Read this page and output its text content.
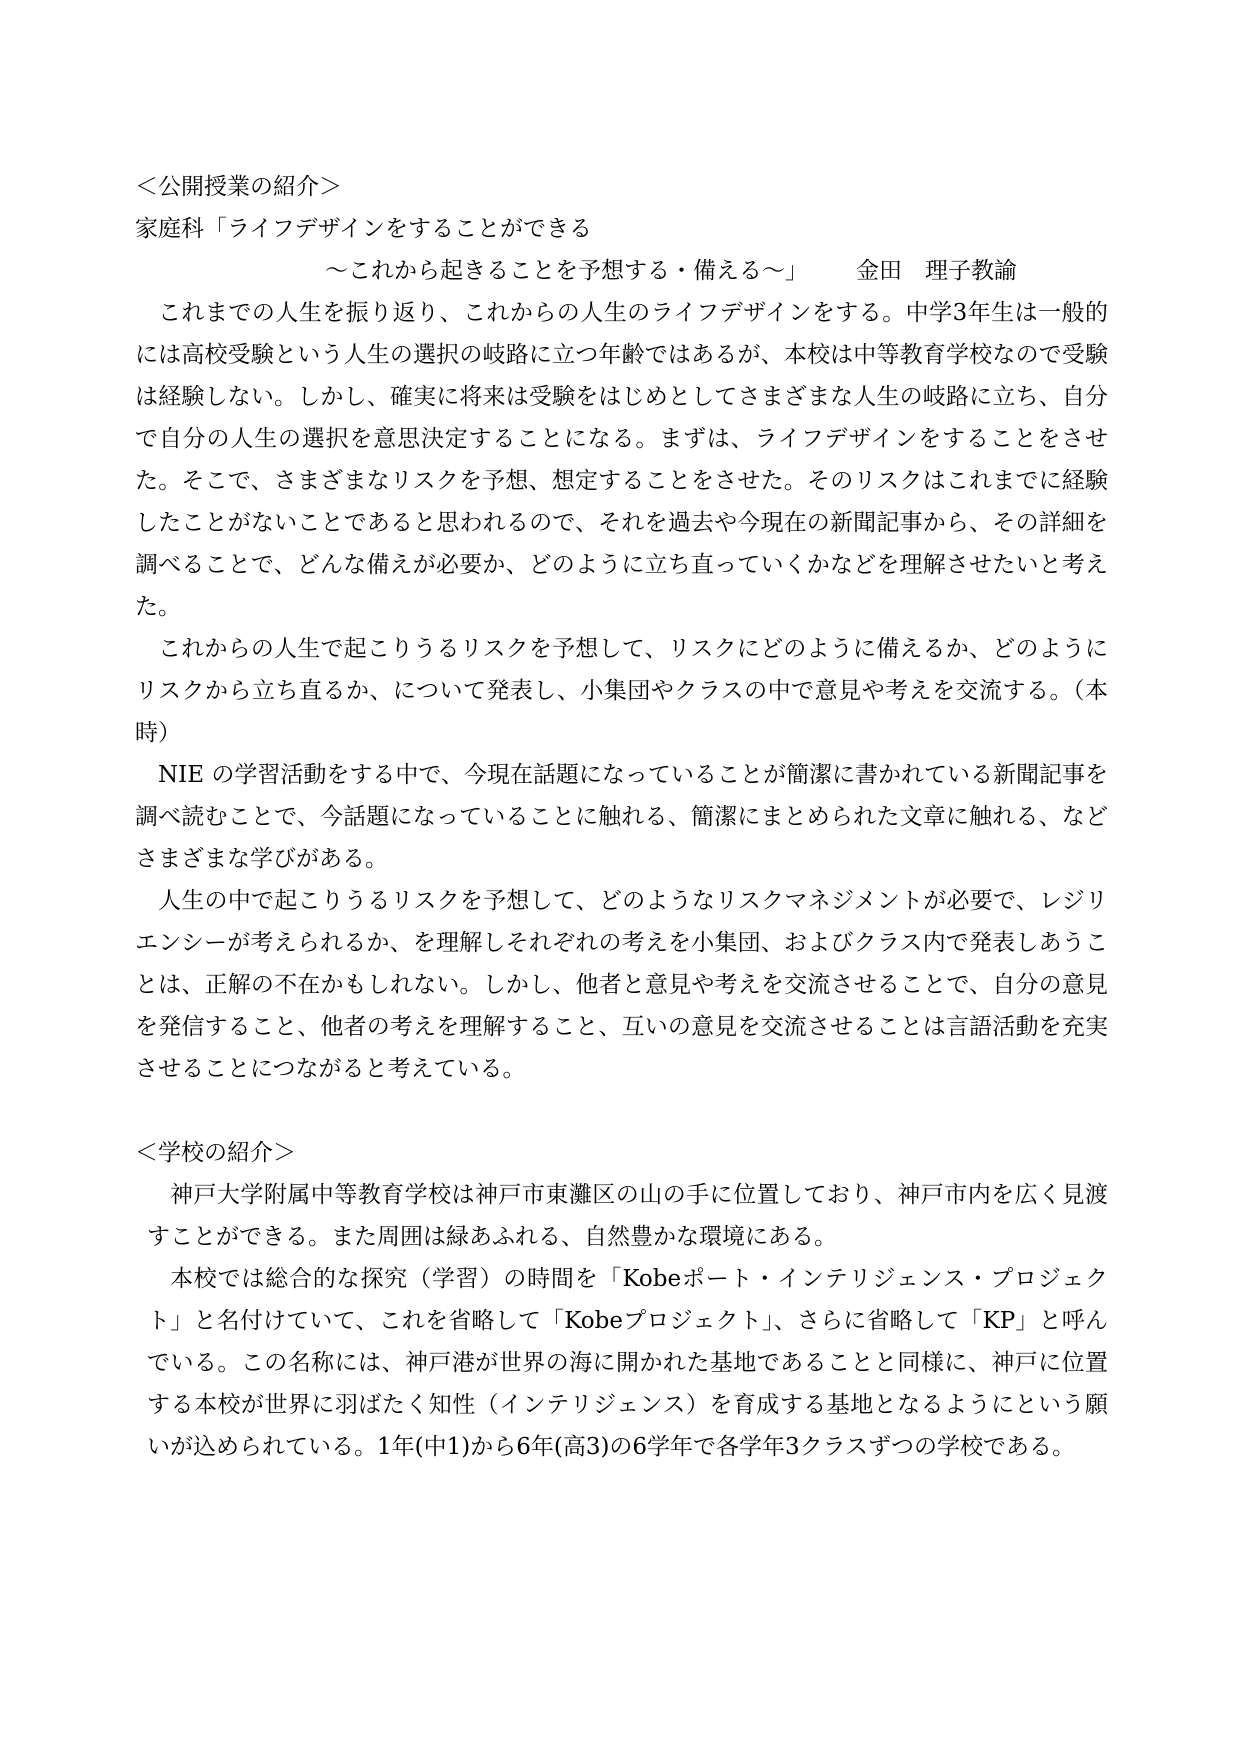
＜公開授業の紹介＞

家庭科「ライフデザインをすることができる

～これから起きることを予想する・備える～」 金田　理子教諭

これまでの人生を振り返り、これからの人生のライフデザインをする。中学3年生は一般的には高校受験という人生の選択の岐路に立つ年齢ではあるが、本校は中等教育学校なので受験は経験しない。しかし、確実に将来は受験をはじめとしてさまざまな人生の岐路に立ち、自分で自分の人生の選択を意思決定することになる。まずは、ライフデザインをすることをさせた。そこで、さまざまなリスクを予想、想定することをさせた。そのリスクはこれまでに経験したことがないことであると思われるので、それを過去や今現在の新聞記事から、その詳細を調べることで、どんな備えが必要か、どのように立ち直っていくかなどを理解させたいと考えた。

これからの人生で起こりうるリスクを予想して、リスクにどのように備えるか、どのようにリスクから立ち直るか、について発表し、小集団やクラスの中で意見や考えを交流する。（本時）

NIE の学習活動をする中で、今現在話題になっていることが簡潔に書かれている新聞記事を調べ読むことで、今話題になっていることに触れる、簡潔にまとめられた文章に触れる、などさまざまな学びがある。

人生の中で起こりうるリスクを予想して、どのようなリスクマネジメントが必要で、レジリエンシーが考えられるか、を理解しそれぞれの考えを小集団、およびクラス内で発表しあうことは、正解の不在かもしれない。しかし、他者と意見や考えを交流させることで、自分の意見を発信すること、他者の考えを理解すること、互いの意見を交流させることは言語活動を充実させることにつながると考えている。

＜学校の紹介＞

神戸大学附属中等教育学校は神戸市東灘区の山の手に位置しており、神戸市内を広く見渡すことができる。また周囲は緑あふれる、自然豊かな環境にある。

本校では総合的な探究（学習）の時間を「Kobeポート・インテリジェンス・プロジェクト」と名付けていて、これを省略して「Kobeプロジェクト」、さらに省略して「KP」と呼んでいる。この名称には、神戸港が世界の海に開かれた基地であることと同様に、神戸に位置する本校が世界に羽ばたく知性（インテリジェンス）を育成する基地となるようにという願いが込められている。1年(中1)から6年(高3)の6学年で各学年3クラスずつの学校である。
